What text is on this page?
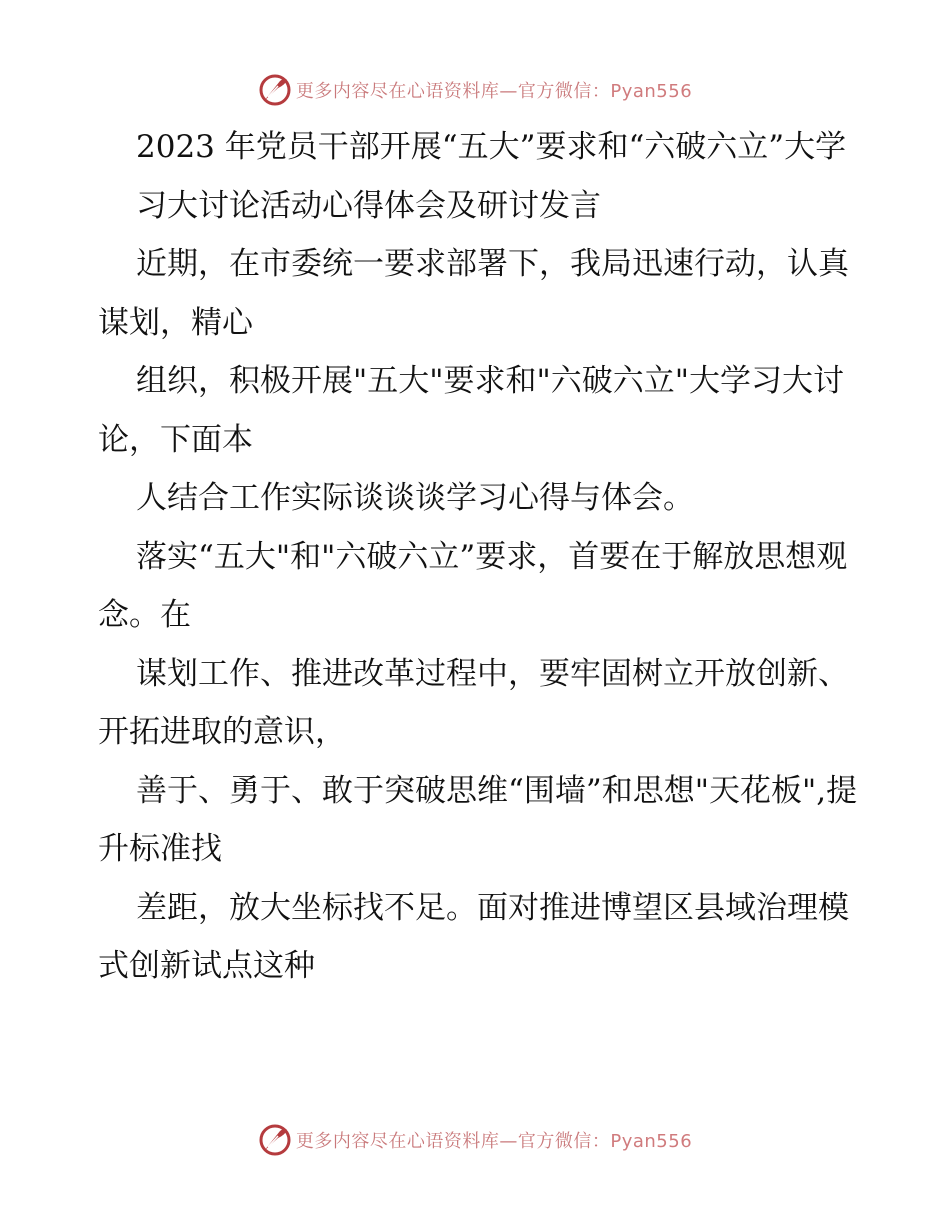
更多内容尽在心语资料库—官方微信：Pyan556

2023 年党员干部开展“五大”要求和“六破六立”大学

习大讨论活动心得体会及研讨发言

近期，在市委统一要求部署下，我局迅速行动，认真谋划，精心

组织，积极开展"五大"要求和"六破六立"大学习大讨论，下面本

人结合工作实际谈谈谈学习心得与体会。

落实“五大"和"六破六立”要求，首要在于解放思想观念。在

谋划工作、推进改革过程中，要牢固树立开放创新、开拓进取的意识，

善于、勇于、敢于突破思维“围墙”和思想"天花板",提升标准找

差距，放大坐标找不足。面对推进博望区县域治理模式创新试点这种

更多内容尽在心语资料库—官方微信：Pyan556
